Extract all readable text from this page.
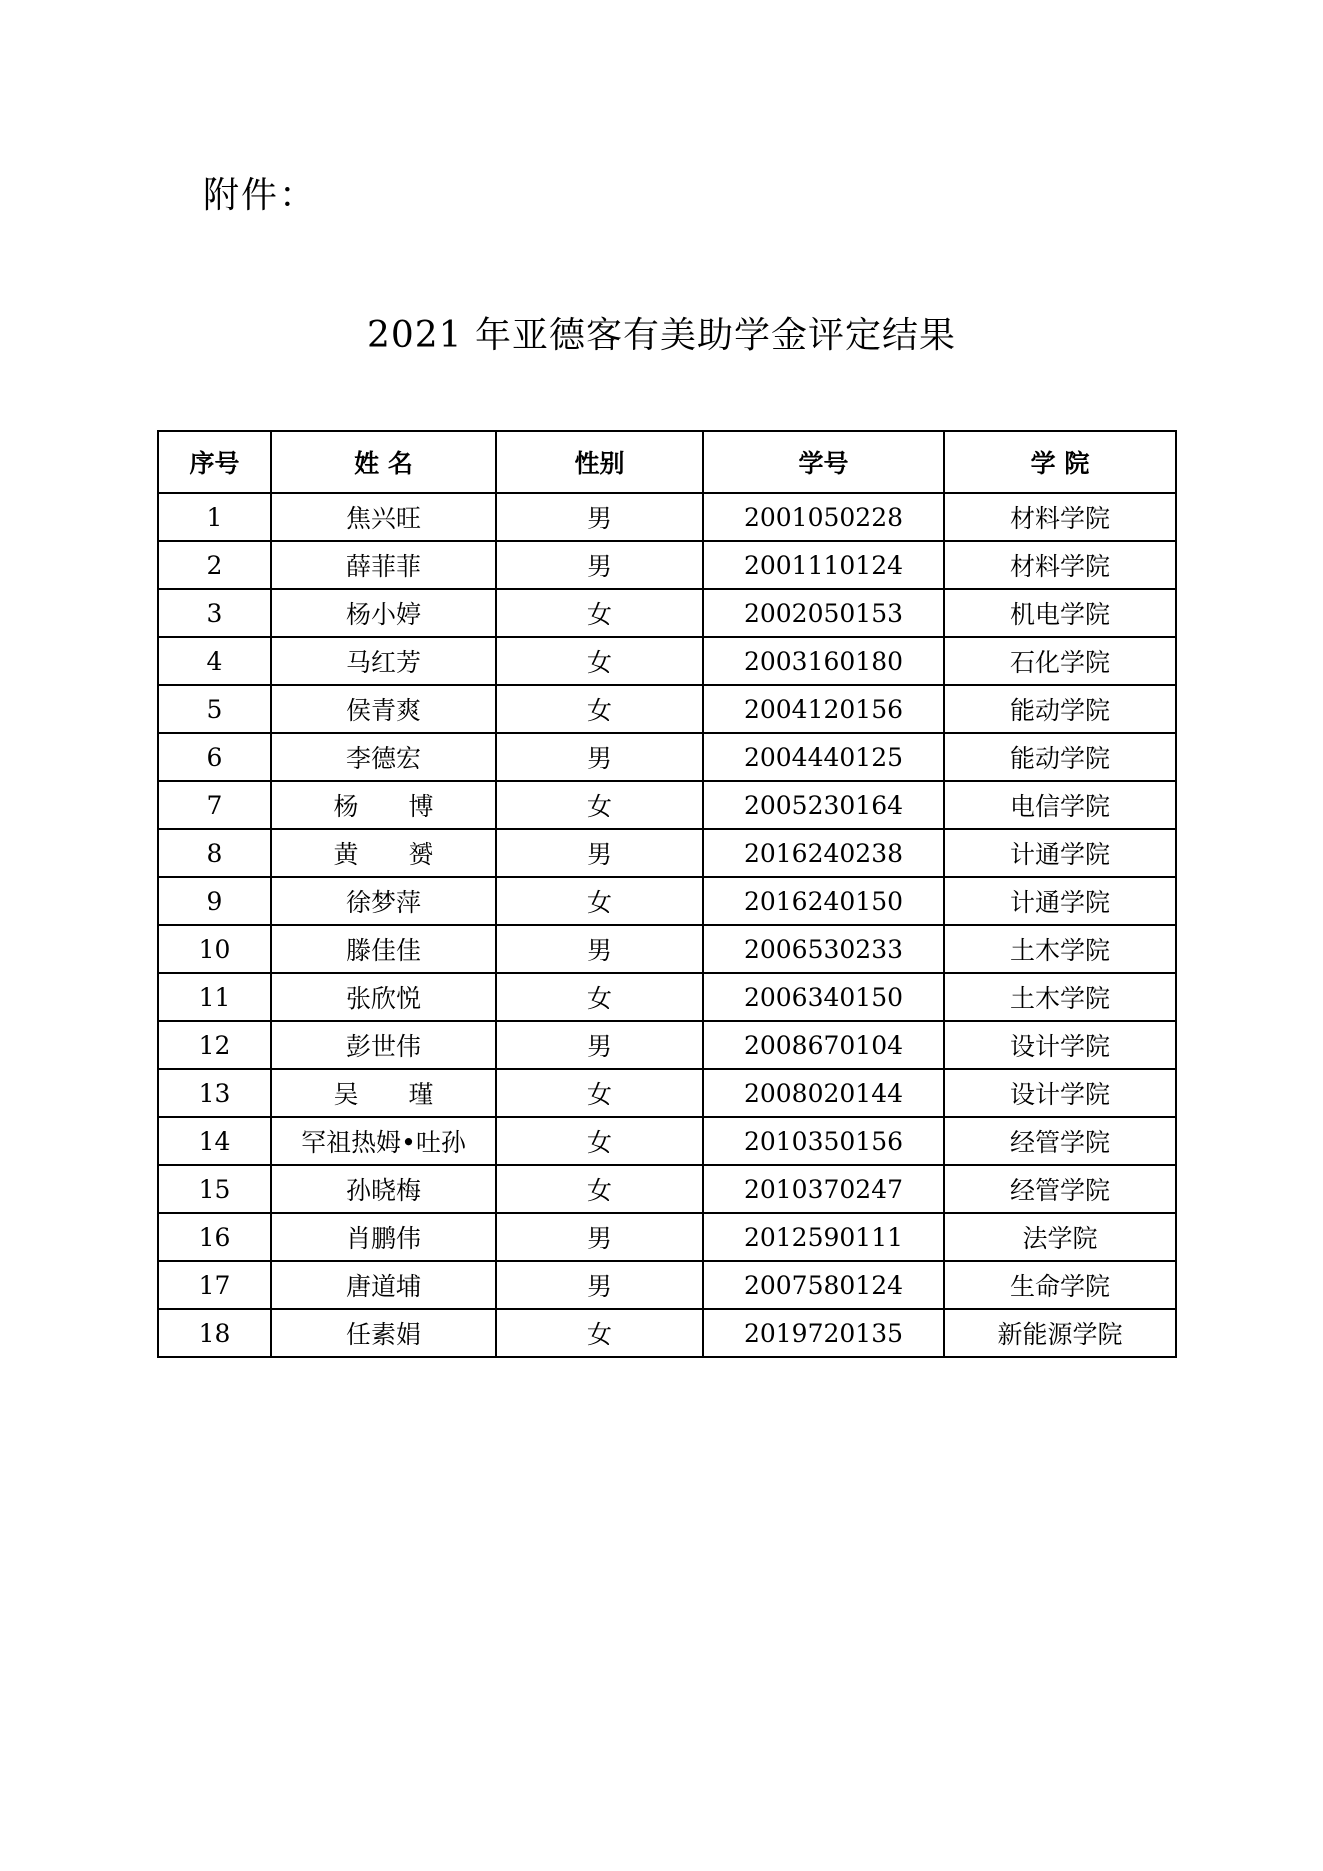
附件：

2021 年亚德客有美助学金评定结果
序号	姓 名	性别	学号	学 院
1	焦兴旺	男	2001050228	材料学院
2	薛菲菲	男	2001110124	材料学院
3	杨小婷	女	2002050153	机电学院
4	马红芳	女	2003160180	石化学院
5	侯青爽	女	2004120156	能动学院
6	李德宏	男	2004440125	能动学院
7	杨　　博	女	2005230164	电信学院
8	黄　　赟	男	2016240238	计通学院
9	徐梦萍	女	2016240150	计通学院
10	滕佳佳	男	2006530233	土木学院
11	张欣悦	女	2006340150	土木学院
12	彭世伟	男	2008670104	设计学院
13	吴　　瑾	女	2008020144	设计学院
14	罕祖热姆•吐孙	女	2010350156	经管学院
15	孙晓梅	女	2010370247	经管学院
16	肖鹏伟	男	2012590111	法学院
17	唐道埔	男	2007580124	生命学院
18	任素娟	女	2019720135	新能源学院
